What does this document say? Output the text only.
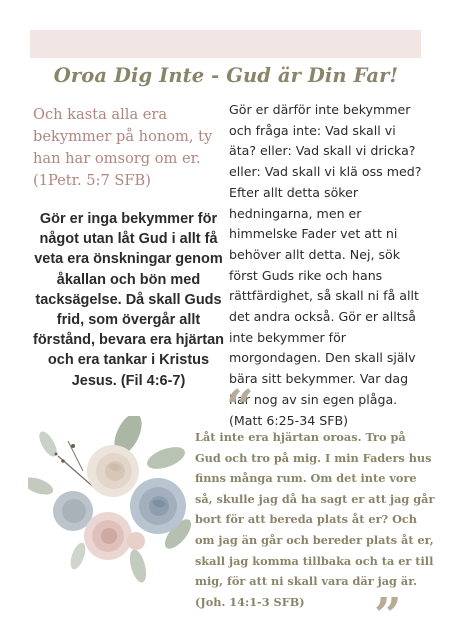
Oroa Dig Inte - Gud är Din Far!
Och kasta alla era bekymmer på honom, ty han har omsorg om er. (1Petr. 5:7 SFB)
Gör er inga bekymmer för något utan låt Gud i allt få veta era önskningar genom åkallan och bön med tacksägelse. Då skall Guds frid, som övergår allt förstånd, bevara era hjärtan och era tankar i Kristus Jesus. (Fil 4:6-7)
Gör er därför inte bekymmer och fråga inte: Vad skall vi äta? eller: Vad skall vi dricka? eller: Vad skall vi klä oss med? Efter allt detta söker hedningarna, men er himmelske Fader vet att ni behöver allt detta. Nej, sök först Guds rike och hans rättfärdighet, så skall ni få allt det andra också. Gör er alltså inte bekymmer för morgondagen. Den skall själv bära sitt bekymmer. Var dag har nog av sin egen plåga. (Matt 6:25-34 SFB)
“
Låt inte era hjärtan oroas. Tro på Gud och tro på mig. I min Faders hus finns många rum. Om det inte vore så, skulle jag då ha sagt er att jag går bort för att bereda plats åt er? Och om jag än går och bereder plats åt er, skall jag komma tillbaka och ta er till mig, för att ni skall vara där jag är. (Joh. 14:1-3 SFB)	”
